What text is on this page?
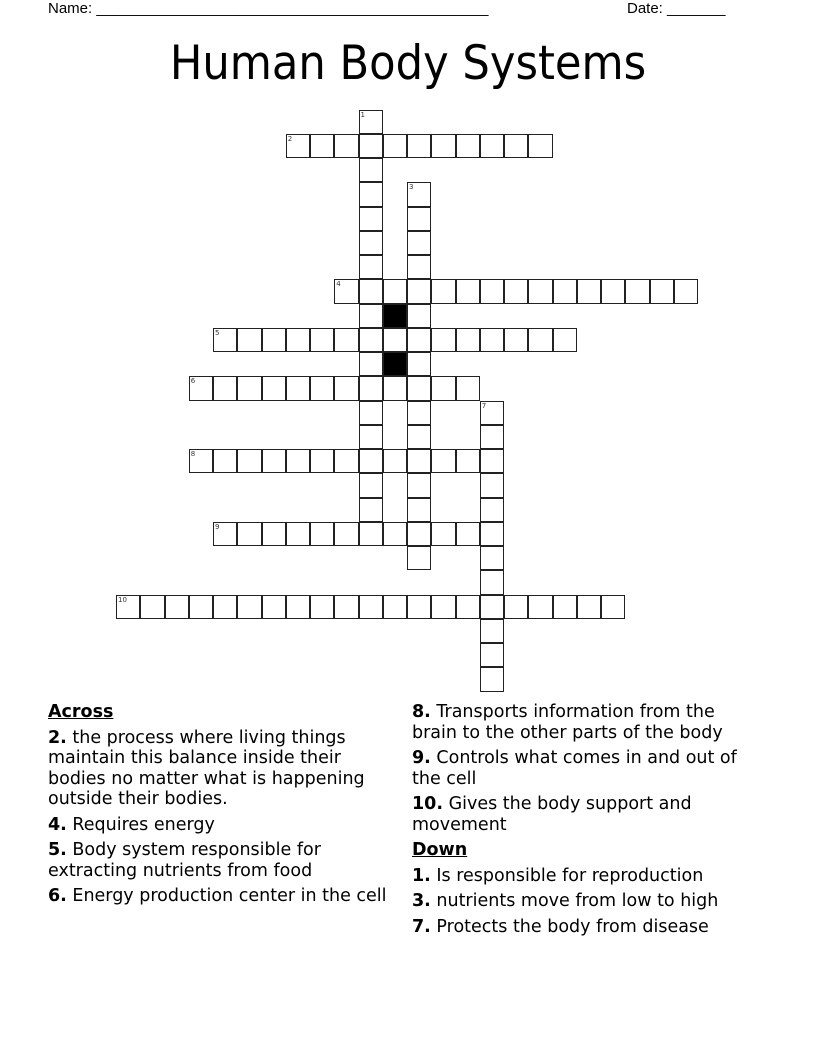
Name: _______________________________________________	Date: _______
Human Body Systems
1
2
3
4
5
6
7
8
9
10
Across
2. the process where living things maintain this balance inside their bodies no matter what is happening outside their bodies.
4. Requires energy
5. Body system responsible for extracting nutrients from food
6. Energy production center in the cell
8. Transports information from the brain to the other parts of the body
9. Controls what comes in and out of the cell
10. Gives the body support and movement
Down
1. Is responsible for reproduction
3. nutrients move from low to high
7. Protects the body from disease
